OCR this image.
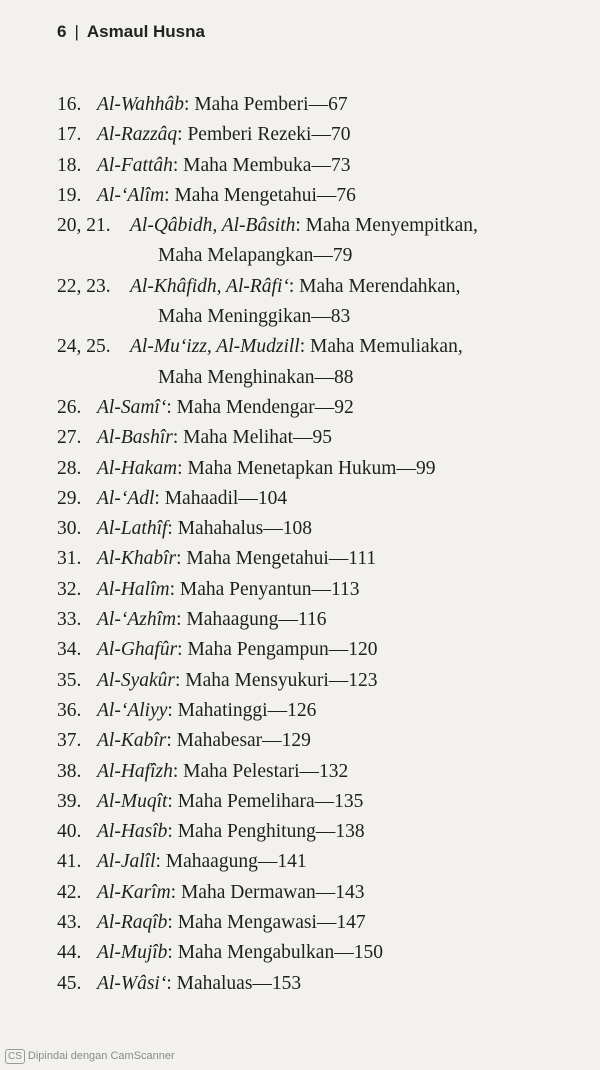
6 | Asmaul Husna
16. Al-Wahhâb: Maha Pemberi—67
17. Al-Razzâq: Pemberi Rezeki—70
18. Al-Fattâh: Maha Membuka—73
19. Al-‘Alîm: Maha Mengetahui—76
20, 21. Al-Qâbidh, Al-Bâsith: Maha Menyempitkan,
Maha Melapangkan—79
22, 23. Al-Khâfidh, Al-Râfi‘: Maha Merendahkan,
Maha Meninggikan—83
24, 25. Al-Mu‘izz, Al-Mudzill: Maha Memuliakan,
Maha Menghinakan—88
26. Al-Samî‘: Maha Mendengar—92
27. Al-Bashîr: Maha Melihat—95
28. Al-Hakam: Maha Menetapkan Hukum—99
29. Al-‘Adl: Mahaadil—104
30. Al-Lathîf: Mahahalus—108
31. Al-Khabîr: Maha Mengetahui—111
32. Al-Halîm: Maha Penyantun—113
33. Al-‘Azhîm: Mahaagung—116
34. Al-Ghafûr: Maha Pengampun—120
35. Al-Syakûr: Maha Mensyukuri—123
36. Al-‘Aliyy: Mahatinggi—126
37. Al-Kabîr: Mahabesar—129
38. Al-Hafîzh: Maha Pelestari—132
39. Al-Muqît: Maha Pemelihara—135
40. Al-Hasîb: Maha Penghitung—138
41. Al-Jalîl: Mahaagung—141
42. Al-Karîm: Maha Dermawan—143
43. Al-Raqîb: Maha Mengawasi—147
44. Al-Mujîb: Maha Mengabulkan—150
45. Al-Wâsi‘: Mahaluas—153
CS Dipindai dengan CamScanner
